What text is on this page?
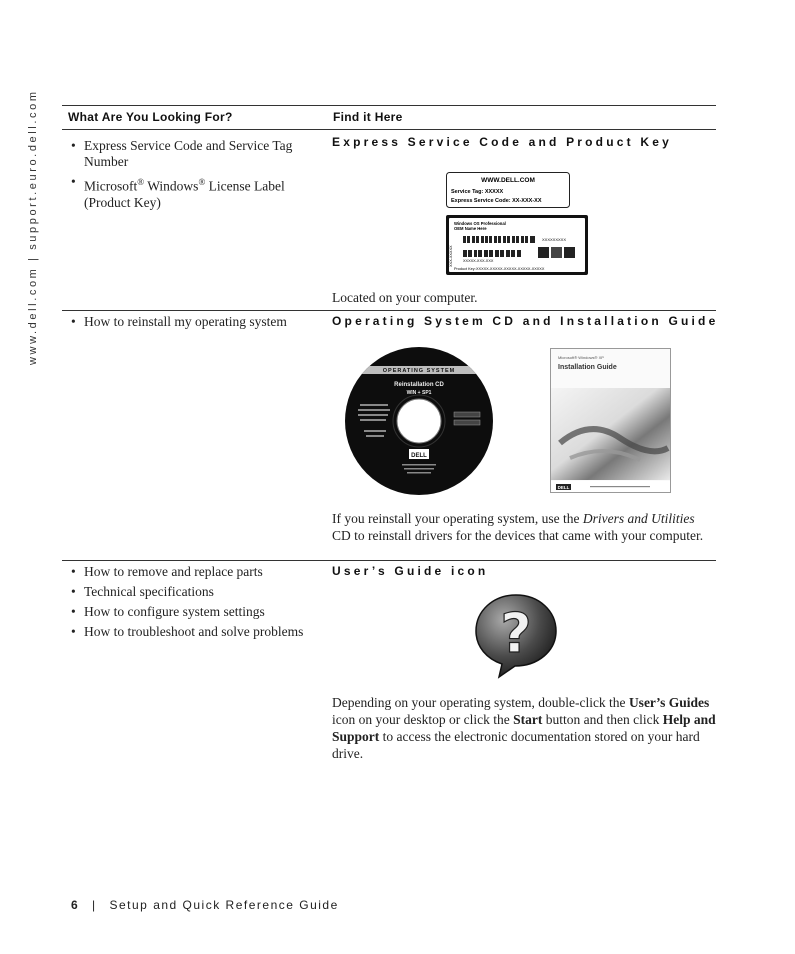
www.dell.com | support.euro.dell.com What Are You Looking For?	Find it Here
• Express Service Code and Service Tag Number
• Microsoft® Windows® License Label (Product Key)
Express Service Code and Product Key
WWW.DELL.COM
Service Tag: XXXXX
Express Service Code: XX-XXX-XX
Windows OS Professional
OEM Name Here
XXX-XXXXX
XXXXXXXXX
XXXXX-XXX-XXX
Product Key: XXXXX-XXXXX-XXXXX-XXXXX-XXXXX
Located on your computer.
• How to reinstall my operating system	Operating System CD and Installation Guide
OPERATING SYSTEM
Reinstallation CD
WIN + SP1
DELL
Microsoft® Windows® XP
Installation Guide
DELL
If you reinstall your operating system, use the Drivers and Utilities CD to reinstall drivers for the devices that came with your computer.
• How to remove and replace parts
• Technical specifications
• How to configure system settings
• How to troubleshoot and solve problems
User’s Guide icon
?
Depending on your operating system, double-click the User’s Guides icon on your desktop or click the Start button and then click Help and Support to access the electronic documentation stored on your hard drive.
6 | Setup and Quick Reference Guide
